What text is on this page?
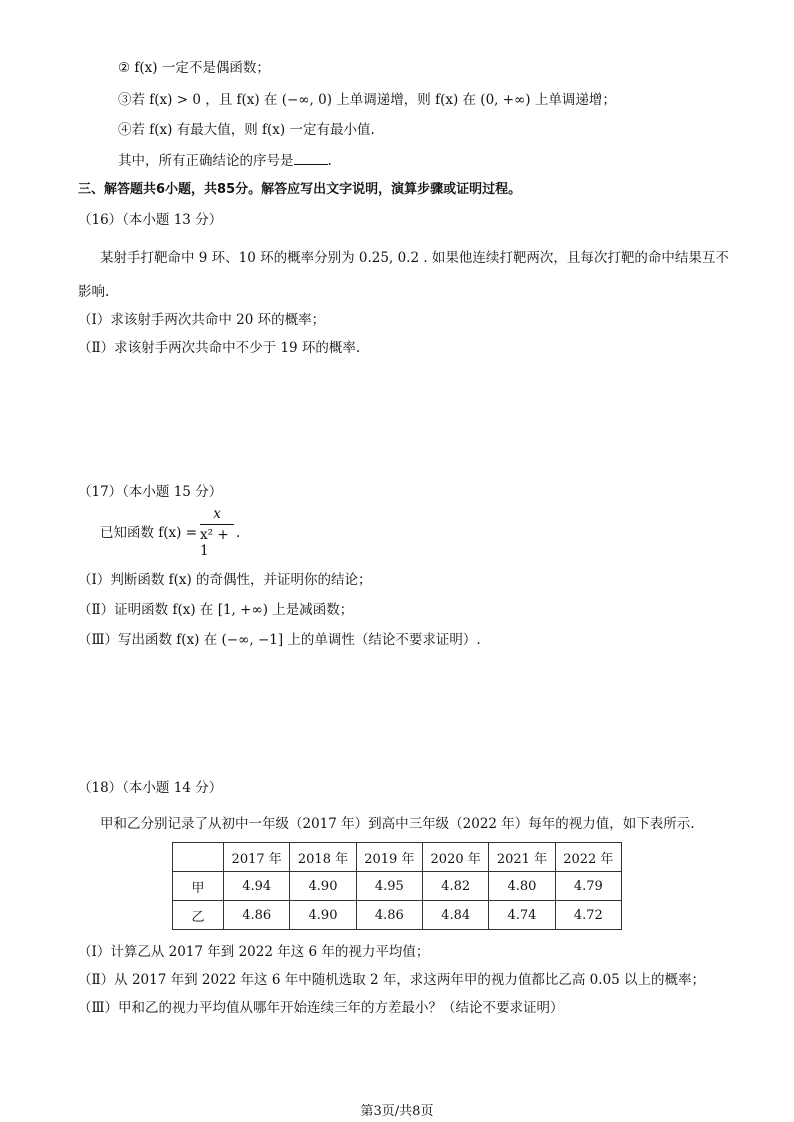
② f(x) 一定不是偶函数；
③若 f(x) > 0 ，且 f(x) 在 (−∞, 0) 上单调递增，则 f(x) 在 (0, +∞) 上单调递增；
④若 f(x) 有最大值，则 f(x) 一定有最小值.
其中，所有正确结论的序号是	.
三、解答题共6小题，共85分。解答应写出文字说明，演算步骤或证明过程。
（16）（本小题 13 分）
某射手打靶命中 9 环、10 环的概率分别为 0.25, 0.2 . 如果他连续打靶两次，且每次打靶的命中结果互不
影响.
（Ⅰ）求该射手两次共命中 20 环的概率；
（Ⅱ）求该射手两次共命中不少于 19 环的概率.
（17）（本小题 15 分）
已知函数 f(x) =
x
x² + 1
.
（Ⅰ）判断函数 f(x) 的奇偶性，并证明你的结论；
（Ⅱ）证明函数 f(x) 在 [1, +∞) 上是减函数；
（Ⅲ）写出函数 f(x) 在 (−∞, −1] 上的单调性（结论不要求证明）.
（18）（本小题 14 分）
甲和乙分别记录了从初中一年级（2017 年）到高中三年级（2022 年）每年的视力值，如下表所示.
	2017 年	2018 年	2019 年	2020 年	2021 年	2022 年
甲	4.94	4.90	4.95	4.82	4.80	4.79
乙	4.86	4.90	4.86	4.84	4.74	4.72
（Ⅰ）计算乙从 2017 年到 2022 年这 6 年的视力平均值；
（Ⅱ）从 2017 年到 2022 年这 6 年中随机选取 2 年，求这两年甲的视力值都比乙高 0.05 以上的概率；
（Ⅲ）甲和乙的视力平均值从哪年开始连续三年的方差最小？（结论不要求证明）
第3页/共8页
